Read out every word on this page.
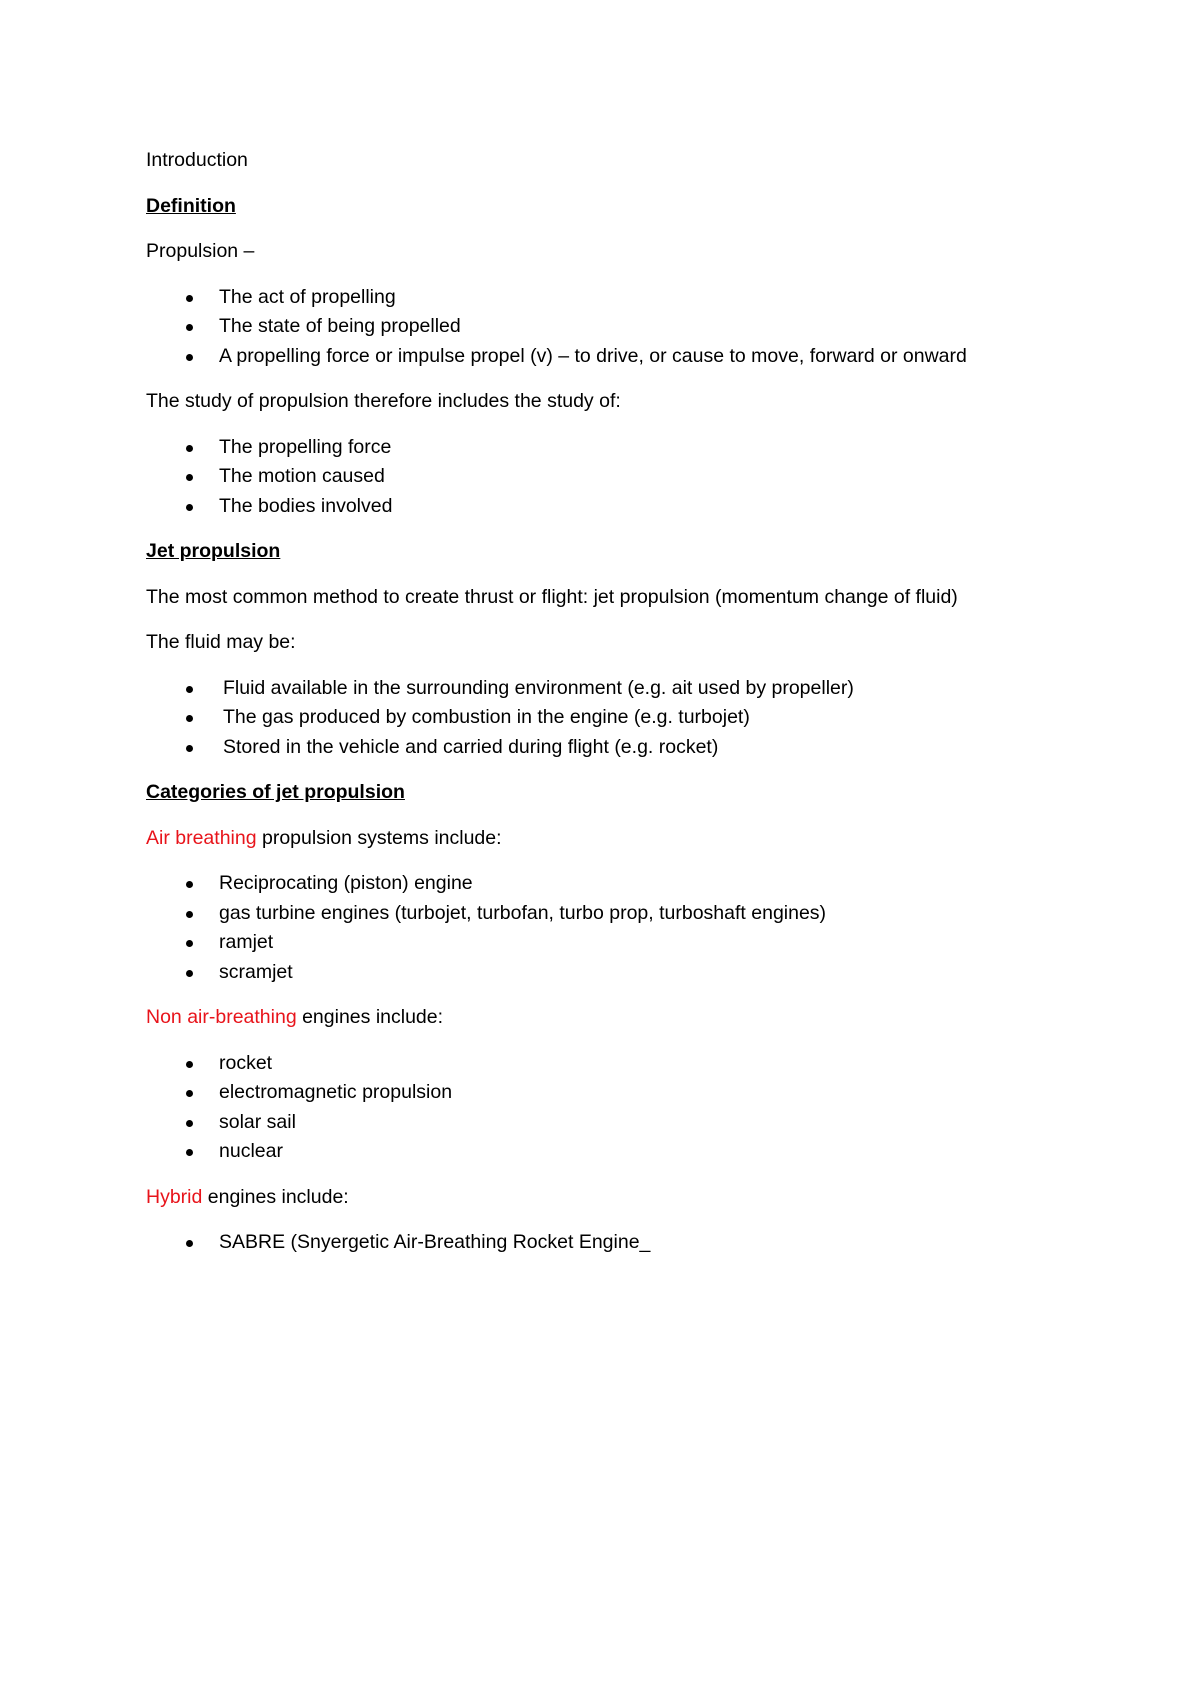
Introduction

Definition

Propulsion –

The act of propelling
The state of being propelled
A propelling force or impulse propel (v) – to drive, or cause to move, forward or onward

The study of propulsion therefore includes the study of:

The propelling force
The motion caused
The bodies involved

Jet propulsion

The most common method to create thrust or flight: jet propulsion (momentum change of fluid)

The fluid may be:

Fluid available in the surrounding environment (e.g. ait used by propeller)
The gas produced by combustion in the engine (e.g. turbojet)
Stored in the vehicle and carried during flight (e.g. rocket)

Categories of jet propulsion

Air breathing propulsion systems include:

Reciprocating (piston) engine
gas turbine engines (turbojet, turbofan, turbo prop, turboshaft engines)
ramjet
scramjet

Non air-breathing engines include:

rocket
electromagnetic propulsion
solar sail
nuclear

Hybrid engines include:

SABRE (Snyergetic Air-Breathing Rocket Engine_
